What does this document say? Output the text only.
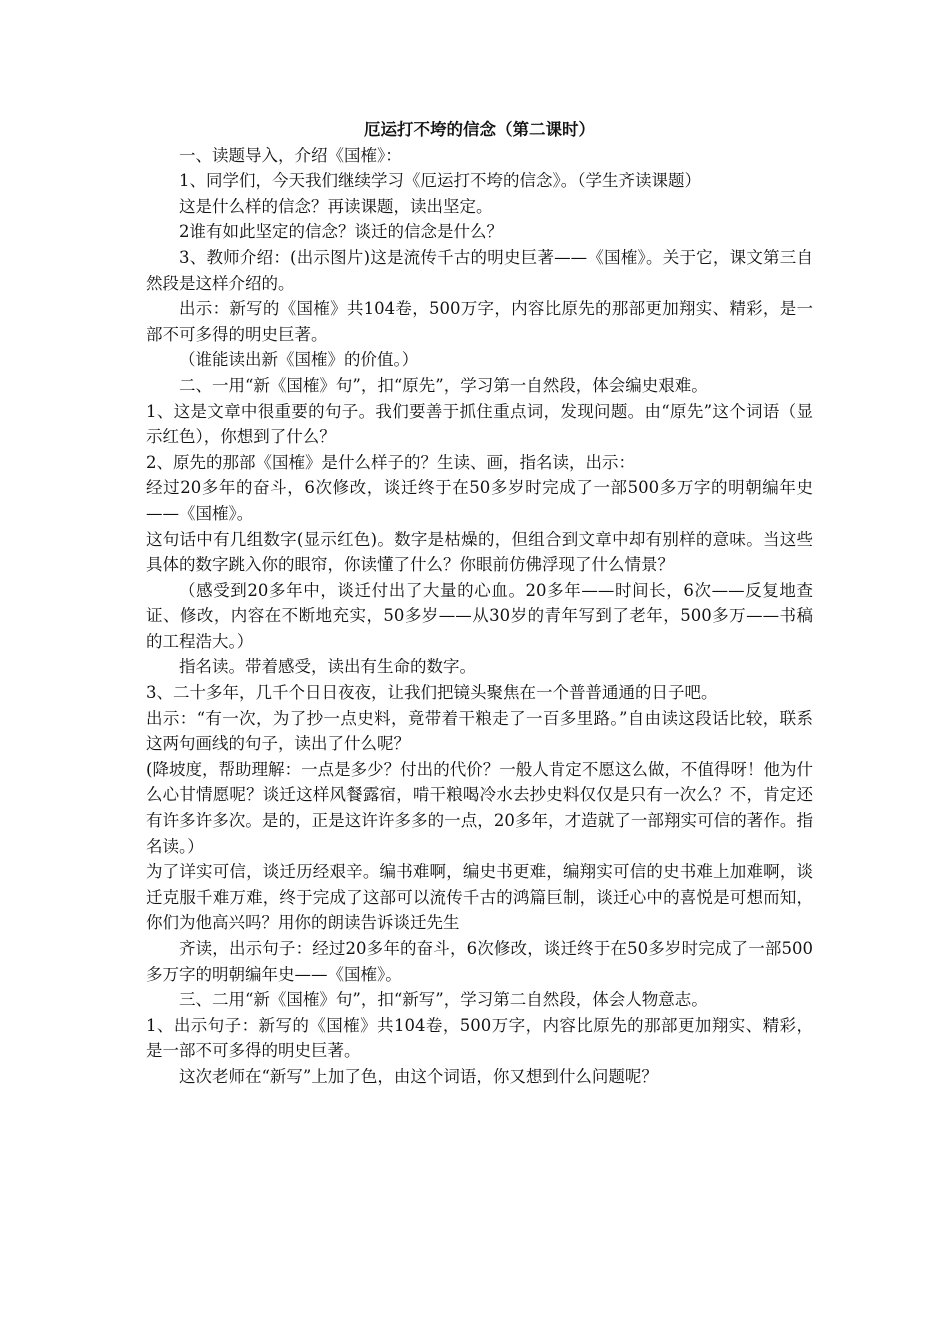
厄运打不垮的信念（第二课时）

一、读题导入，介绍《国榷》：

1、同学们，今天我们继续学习《厄运打不垮的信念》。（学生齐读课题）

这是什么样的信念？再读课题，读出坚定。

2谁有如此坚定的信念？谈迁的信念是什么？

3、教师介绍：(出示图片)这是流传千古的明史巨著——《国榷》。关于它，课文第三自然段是这样介绍的。

出示：新写的《国榷》共104卷，500万字，内容比原先的那部更加翔实、精彩，是一部不可多得的明史巨著。

（谁能读出新《国榷》的价值。）

二、一用“新《国榷》句”，扣“原先”，学习第一自然段，体会编史艰难。

1、这是文章中很重要的句子。我们要善于抓住重点词，发现问题。由“原先”这个词语（显示红色），你想到了什么？

2、原先的那部《国榷》是什么样子的？生读、画，指名读，出示：

经过20多年的奋斗，6次修改，谈迁终于在50多岁时完成了一部500多万字的明朝编年史——《国榷》。

这句话中有几组数字(显示红色)。数字是枯燥的，但组合到文章中却有别样的意味。当这些具体的数字跳入你的眼帘，你读懂了什么？你眼前仿佛浮现了什么情景？

（感受到20多年中，谈迁付出了大量的心血。20多年——时间长，6次——反复地查证、修改，内容在不断地充实，50多岁——从30岁的青年写到了老年，500多万——书稿的工程浩大。）

指名读。带着感受，读出有生命的数字。

3、二十多年，几千个日日夜夜，让我们把镜头聚焦在一个普普通通的日子吧。

出示：“有一次，为了抄一点史料，竟带着干粮走了一百多里路。”自由读这段话比较，联系这两句画线的句子，读出了什么呢？

(降坡度，帮助理解：一点是多少？付出的代价？一般人肯定不愿这么做，不值得呀！他为什么心甘情愿呢？谈迁这样风餐露宿，啃干粮喝冷水去抄史料仅仅是只有一次么？不，肯定还有许多许多次。是的，正是这许许多多的一点，20多年，才造就了一部翔实可信的著作。指名读。）

为了详实可信，谈迁历经艰辛。编书难啊，编史书更难，编翔实可信的史书难上加难啊，谈迁克服千难万难，终于完成了这部可以流传千古的鸿篇巨制，谈迁心中的喜悦是可想而知，你们为他高兴吗？用你的朗读告诉谈迁先生

齐读，出示句子：经过20多年的奋斗，6次修改，谈迁终于在50多岁时完成了一部500多万字的明朝编年史——《国榷》。

三、二用“新《国榷》句”，扣“新写”，学习第二自然段，体会人物意志。

1、出示句子：新写的《国榷》共104卷，500万字，内容比原先的那部更加翔实、精彩，是一部不可多得的明史巨著。

这次老师在“新写”上加了色，由这个词语，你又想到什么问题呢？
